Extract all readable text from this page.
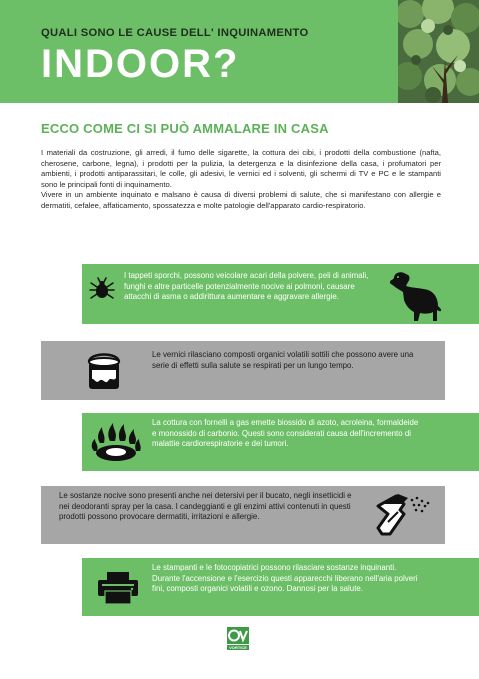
QUALI SONO LE CAUSE DELL' INQUINAMENTO
INDOOR?
ECCO COME CI SI PUÒ AMMALARE IN CASA

I materiali da costruzione, gli arredi, il fumo delle sigarette, la cottura dei cibi, i prodotti della combustione (nafta, cherosene, carbone, legna), i prodotti per la pulizia, la detergenza e la disinfezione della casa, i profumatori per ambienti, i prodotti antiparassitari, le colle, gli adesivi, le vernici ed i solventi, gli schermi di TV e PC e le stampanti sono le principali fonti di inquinamento.

Vivere in un ambiente inquinato e malsano è causa di diversi problemi di salute, che si manifestano con allergie e dermatiti, cefalee, affaticamento, spossatezza e molte patologie dell'apparato cardio-respiratorio.

I tappeti sporchi, possono veicolare acari della polvere, peli di animali, funghi e altre particelle potenzialmente nocive ai polmoni, causare attacchi di asma o addirittura aumentare e aggravare allergie.
Le vernici rilasciano composti organici volatili sottili che possono avere una serie di effetti sulla salute se respirati per un lungo tempo.
La cottura con fornelli a gas emette biossido di azoto, acroleina, formaldeide e monossido di carbonio. Questi sono considerati causa dell'incremento di malattie cardiorespiratorie e dei tumori.
Le sostanze nocive sono presenti anche nei detersivi per il bucato, negli insetticidi e nei deodoranti spray per la casa. I candeggianti e gli enzimi attivi contenuti in questi prodotti possono provocare dermatiti, irritazioni e allergie.
Le stampanti e le fotocopiatrici possono rilasciare sostanze inquinanti. Durante l'accensione e l'esercizio questi apparecchi liberano nell'aria polveri fini, composti organici volatili e ozono. Dannosi per la salute.
VORTICE
